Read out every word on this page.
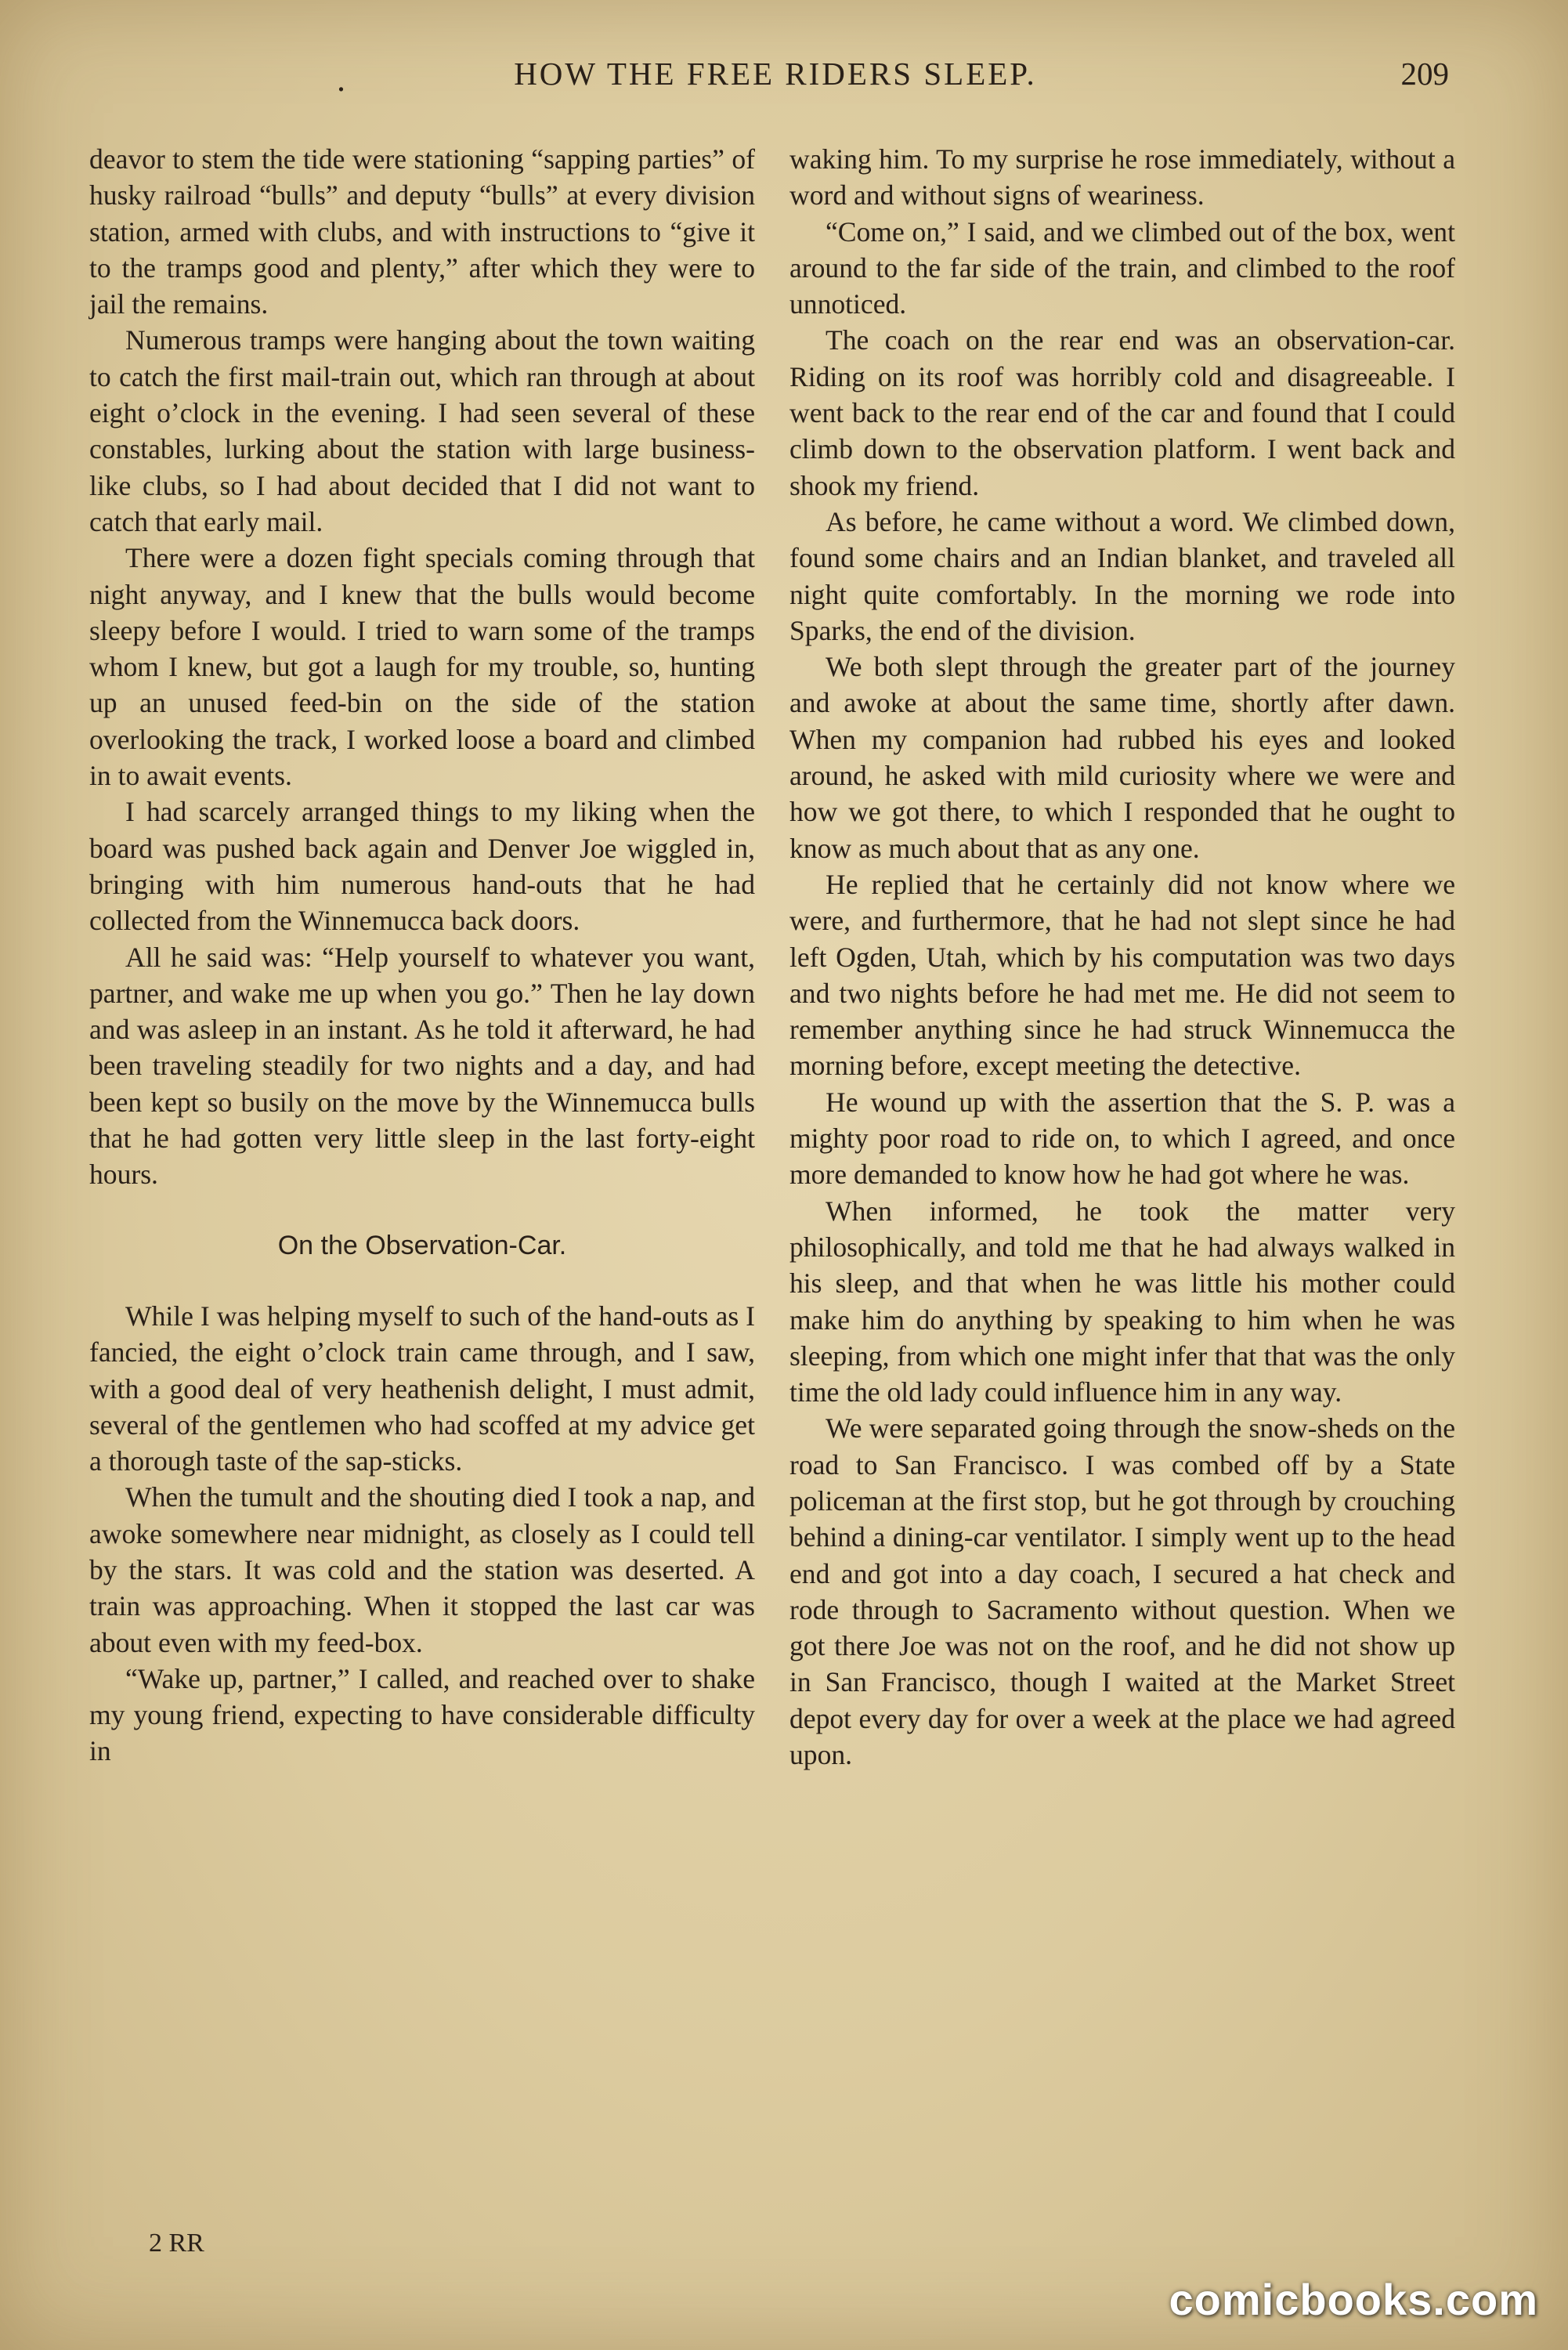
.	HOW THE FREE RIDERS SLEEP.	209

deavor to stem the tide were stationing “sapping parties” of husky railroad “bulls” and deputy “bulls” at every division station, armed with clubs, and with instructions to “give it to the tramps good and plenty,” after which they were to jail the remains.

Numerous tramps were hanging about the town waiting to catch the first mail-train out, which ran through at about eight o’clock in the evening. I had seen several of these constables, lurking about the station with large business-like clubs, so I had about decided that I did not want to catch that early mail.

There were a dozen fight specials coming through that night anyway, and I knew that the bulls would become sleepy before I would. I tried to warn some of the tramps whom I knew, but got a laugh for my trouble, so, hunting up an unused feed-bin on the side of the station overlooking the track, I worked loose a board and climbed in to await events.

I had scarcely arranged things to my liking when the board was pushed back again and Denver Joe wiggled in, bringing with him numerous hand-outs that he had collected from the Winnemucca back doors.

All he said was: “Help yourself to whatever you want, partner, and wake me up when you go.” Then he lay down and was asleep in an instant. As he told it afterward, he had been traveling steadily for two nights and a day, and had been kept so busily on the move by the Winnemucca bulls that he had gotten very little sleep in the last forty-eight hours.

On the Observation-Car.

While I was helping myself to such of the hand-outs as I fancied, the eight o’clock train came through, and I saw, with a good deal of very heathenish delight, I must admit, several of the gentlemen who had scoffed at my advice get a thorough taste of the sap-sticks.

When the tumult and the shouting died I took a nap, and awoke somewhere near midnight, as closely as I could tell by the stars. It was cold and the station was deserted. A train was approaching. When it stopped the last car was about even with my feed-box.

“Wake up, partner,” I called, and reached over to shake my young friend, expecting to have considerable difficulty in

waking him. To my surprise he rose immediately, without a word and without signs of weariness.

“Come on,” I said, and we climbed out of the box, went around to the far side of the train, and climbed to the roof unnoticed.

The coach on the rear end was an observation-car. Riding on its roof was horribly cold and disagreeable. I went back to the rear end of the car and found that I could climb down to the observation platform. I went back and shook my friend.

As before, he came without a word. We climbed down, found some chairs and an Indian blanket, and traveled all night quite comfortably. In the morning we rode into Sparks, the end of the division.

We both slept through the greater part of the journey and awoke at about the same time, shortly after dawn. When my companion had rubbed his eyes and looked around, he asked with mild curiosity where we were and how we got there, to which I responded that he ought to know as much about that as any one.

He replied that he certainly did not know where we were, and furthermore, that he had not slept since he had left Ogden, Utah, which by his computation was two days and two nights before he had met me. He did not seem to remember anything since he had struck Winnemucca the morning before, except meeting the detective.

He wound up with the assertion that the S. P. was a mighty poor road to ride on, to which I agreed, and once more demanded to know how he had got where he was.

When informed, he took the matter very philosophically, and told me that he had always walked in his sleep, and that when he was little his mother could make him do anything by speaking to him when he was sleeping, from which one might infer that that was the only time the old lady could influence him in any way.

We were separated going through the snow-sheds on the road to San Francisco. I was combed off by a State policeman at the first stop, but he got through by crouching behind a dining-car ventilator. I simply went up to the head end and got into a day coach, I secured a hat check and rode through to Sacramento without question. When we got there Joe was not on the roof, and he did not show up in San Francisco, though I waited at the Market Street depot every day for over a week at the place we had agreed upon.

2 RR
comicbooks.com
